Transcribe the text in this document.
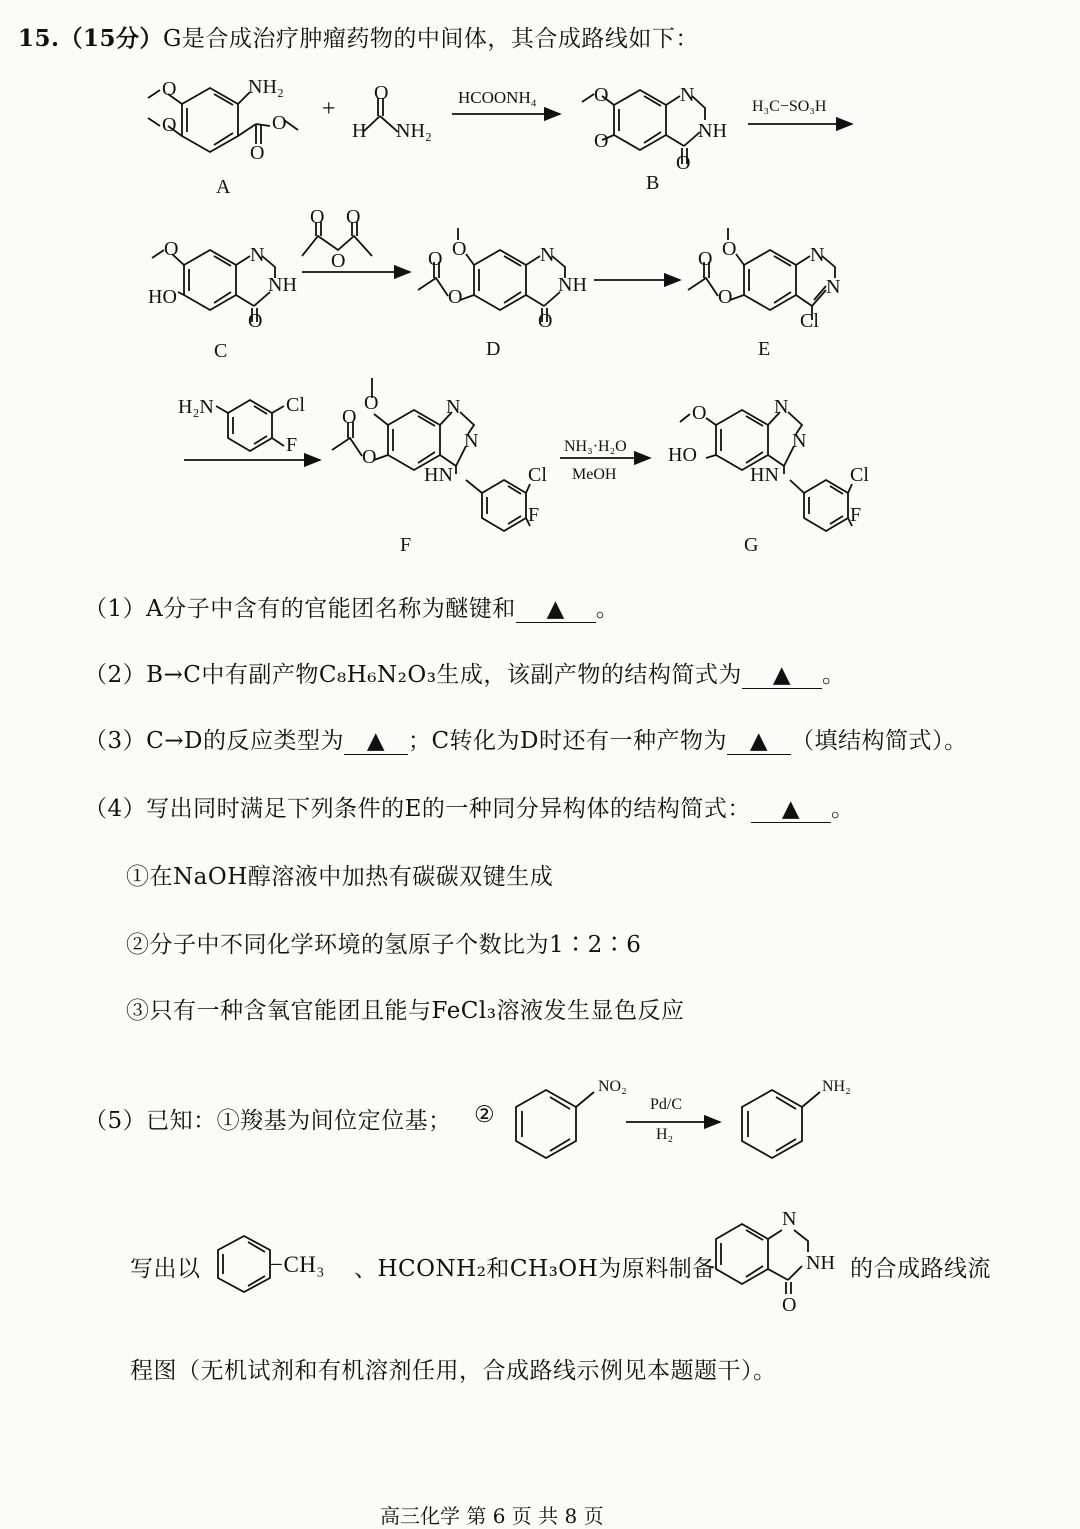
15.（15分）G是合成治疗肿瘤药物的中间体，其合成路线如下：
NH₂
O
O
O
O
+
O
H NH₂
HCOONH₄	N
NH
O
O
O
H₃C−SO₃H
N
NH
O
HO
O
O O
O	N
NH
O
O
O
O
N
N
Cl
O
O
O
H₂N	Cl
F
N
N
HN	Cl
F
O
O
O
NH₃·H₂O
MeOH
N
N
HN	Cl
F
O
HO
A	B
C	D	E
F	G
（1）A分子中含有的官能团名称为醚键和 ▲ 。
（2）B→C中有副产物C₈H₆N₂O₃生成，该副产物的结构简式为 ▲ 。
（3）C→D的反应类型为 ▲ ；C转化为D时还有一种产物为 ▲ （填结构简式）。
（4）写出同时满足下列条件的E的一种同分异构体的结构简式： ▲ 。
①在NaOH醇溶液中加热有碳碳双键生成
②分子中不同化学环境的氢原子个数比为1∶2∶6
③只有一种含氧官能团且能与FeCl₃溶液发生显色反应
（5）已知：①羧基为间位定位基； ②
NO₂
Pd/C
H₂
NH₂
写出以	−CH₃ 、HCONH₂和CH₃OH为原料制备
N
NH
O
的合成路线流
程图（无机试剂和有机溶剂任用，合成路线示例见本题题干）。
高三化学 第 6 页 共 8 页
